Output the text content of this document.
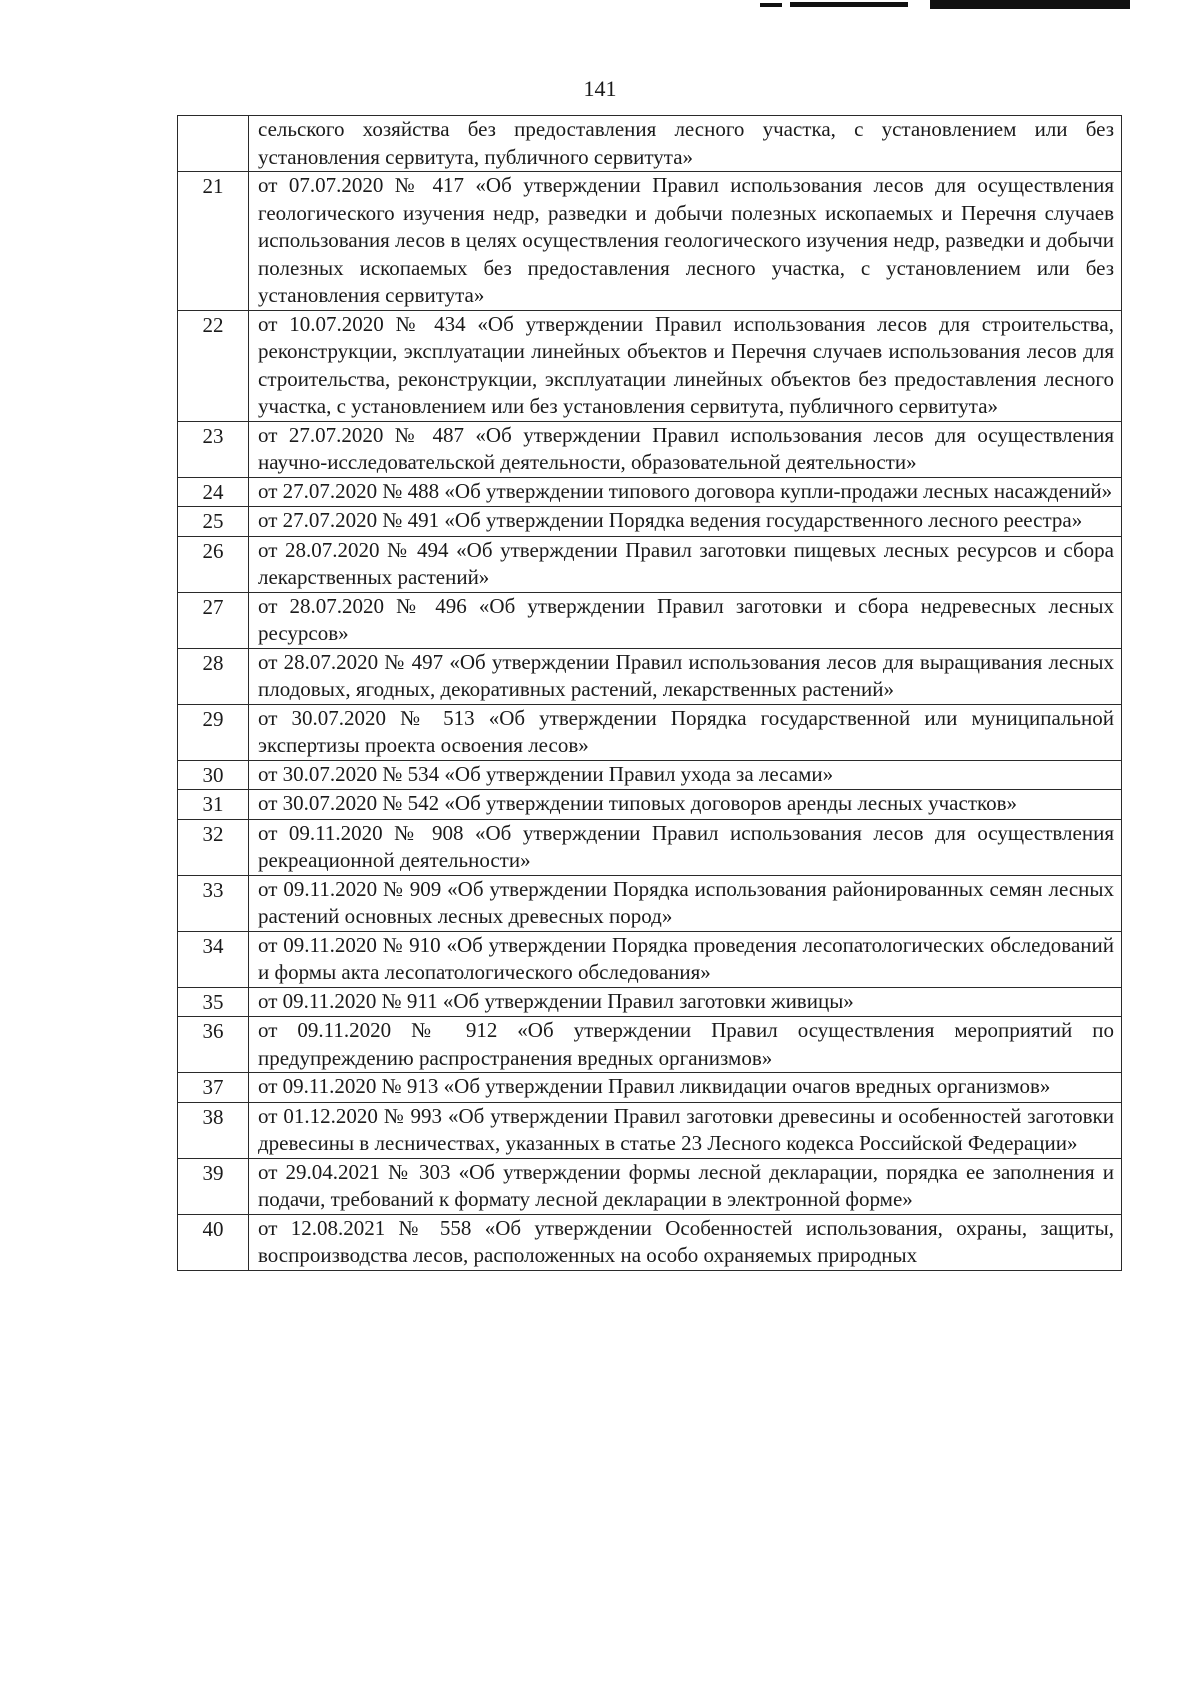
141
	сельского хозяйства без предоставления лесного участка, с установлением или без установления сервитута, публичного сервитута»
21	от 07.07.2020 № 417 «Об утверждении Правил использования лесов для осуществления геологического изучения недр, разведки и добычи полезных ископаемых и Перечня случаев использования лесов в целях осуществления геологического изучения недр, разведки и добычи полезных ископаемых без предоставления лесного участка, с установлением или без установления сервитута»
22	от 10.07.2020 № 434 «Об утверждении Правил использования лесов для строительства, реконструкции, эксплуатации линейных объектов и Перечня случаев использования лесов для строительства, реконструкции, эксплуатации линейных объектов без предоставления лесного участка, с установлением или без установления сервитута, публичного сервитута»
23	от 27.07.2020 № 487 «Об утверждении Правил использования лесов для осуществления научно-исследовательской деятельности, образовательной деятельности»
24	от 27.07.2020 № 488 «Об утверждении типового договора купли-продажи лесных насаждений»
25	от 27.07.2020 № 491 «Об утверждении Порядка ведения государственного лесного реестра»
26	от 28.07.2020 № 494 «Об утверждении Правил заготовки пищевых лесных ресурсов и сбора лекарственных растений»
27	от 28.07.2020 № 496 «Об утверждении Правил заготовки и сбора недревесных лесных ресурсов»
28	от 28.07.2020 № 497 «Об утверждении Правил использования лесов для выращивания лесных плодовых, ягодных, декоративных растений, лекарственных растений»
29	от 30.07.2020 № 513 «Об утверждении Порядка государственной или муниципальной экспертизы проекта освоения лесов»
30	от 30.07.2020 № 534 «Об утверждении Правил ухода за лесами»
31	от 30.07.2020 № 542 «Об утверждении типовых договоров аренды лесных участков»
32	от 09.11.2020 № 908 «Об утверждении Правил использования лесов для осуществления рекреационной деятельности»
33	от 09.11.2020 № 909 «Об утверждении Порядка использования районированных семян лесных растений основных лесных древесных пород»
34	от 09.11.2020 № 910 «Об утверждении Порядка проведения лесопатологических обследований и формы акта лесопатологического обследования»
35	от 09.11.2020 № 911 «Об утверждении Правил заготовки живицы»
36	от 09.11.2020 № 912 «Об утверждении Правил осуществления мероприятий по предупреждению распространения вредных организмов»
37	от 09.11.2020 № 913 «Об утверждении Правил ликвидации очагов вредных организмов»
38	от 01.12.2020 № 993 «Об утверждении Правил заготовки древесины и особенностей заготовки древесины в лесничествах, указанных в статье 23 Лесного кодекса Российской Федерации»
39	от 29.04.2021 № 303 «Об утверждении формы лесной декларации, порядка ее заполнения и подачи, требований к формату лесной декларации в электронной форме»
40	от 12.08.2021 № 558 «Об утверждении Особенностей использования, охраны, защиты, воспроизводства лесов, расположенных на особо охраняемых природных
